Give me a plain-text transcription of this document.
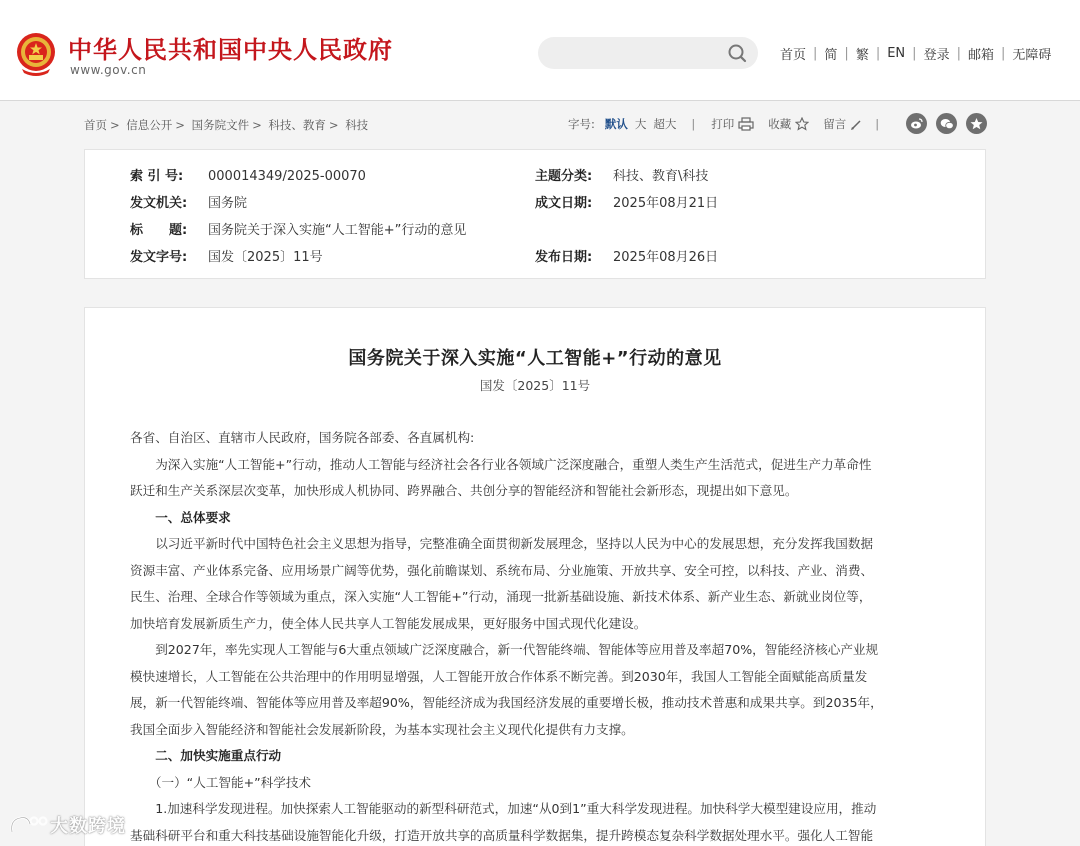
中华人民共和国中央人民政府
www.gov.cn
首页 | 简 | 繁 | EN | 登录 | 邮箱 | 无障碍
首页 > 信息公开 > 国务院文件 > 科技、教育 > 科技	字号: 默认 大 超大 | 打印	收藏	留言	|
索 引 号: 000014349/2025-00070	主题分类: 科技、教育\科技
发文机关: 国务院	成文日期: 2025年08月21日
标　　题: 国务院关于深入实施“人工智能+”行动的意见
发文字号: 国发〔2025〕11号	发布日期: 2025年08月26日
国务院关于深入实施“人工智能+”行动的意见
国发〔2025〕11号

各省、自治区、直辖市人民政府，国务院各部委、各直属机构:

　　为深入实施“人工智能+”行动，推动人工智能与经济社会各行业各领域广泛深度融合，重塑人类生产生活范式，促进生产力革命性

跃迁和生产关系深层次变革，加快形成人机协同、跨界融合、共创分享的智能经济和智能社会新形态，现提出如下意见。

　　一、总体要求

　　以习近平新时代中国特色社会主义思想为指导，完整准确全面贯彻新发展理念，坚持以人民为中心的发展思想，充分发挥我国数据

资源丰富、产业体系完备、应用场景广阔等优势，强化前瞻谋划、系统布局、分业施策、开放共享、安全可控，以科技、产业、消费、

民生、治理、全球合作等领域为重点，深入实施“人工智能+”行动，涌现一批新基础设施、新技术体系、新产业生态、新就业岗位等，

加快培育发展新质生产力，使全体人民共享人工智能发展成果，更好服务中国式现代化建设。

　　到2027年，率先实现人工智能与6大重点领域广泛深度融合，新一代智能终端、智能体等应用普及率超70%，智能经济核心产业规

模快速增长，人工智能在公共治理中的作用明显增强，人工智能开放合作体系不断完善。到2030年，我国人工智能全面赋能高质量发

展，新一代智能终端、智能体等应用普及率超90%，智能经济成为我国经济发展的重要增长极，推动技术普惠和成果共享。到2035年，

我国全面步入智能经济和智能社会发展新阶段，为基本实现社会主义现代化提供有力支撑。

　　二、加快实施重点行动

　　（一）“人工智能+”科学技术

　　1.加速科学发现进程。加快探索人工智能驱动的新型科研范式，加速“从0到1”重大科学发现进程。加快科学大模型建设应用，推动

基础科研平台和重大科技基础设施智能化升级，打造开放共享的高质量科学数据集，提升跨模态复杂科学数据处理水平。强化人工智能

大数跨境
